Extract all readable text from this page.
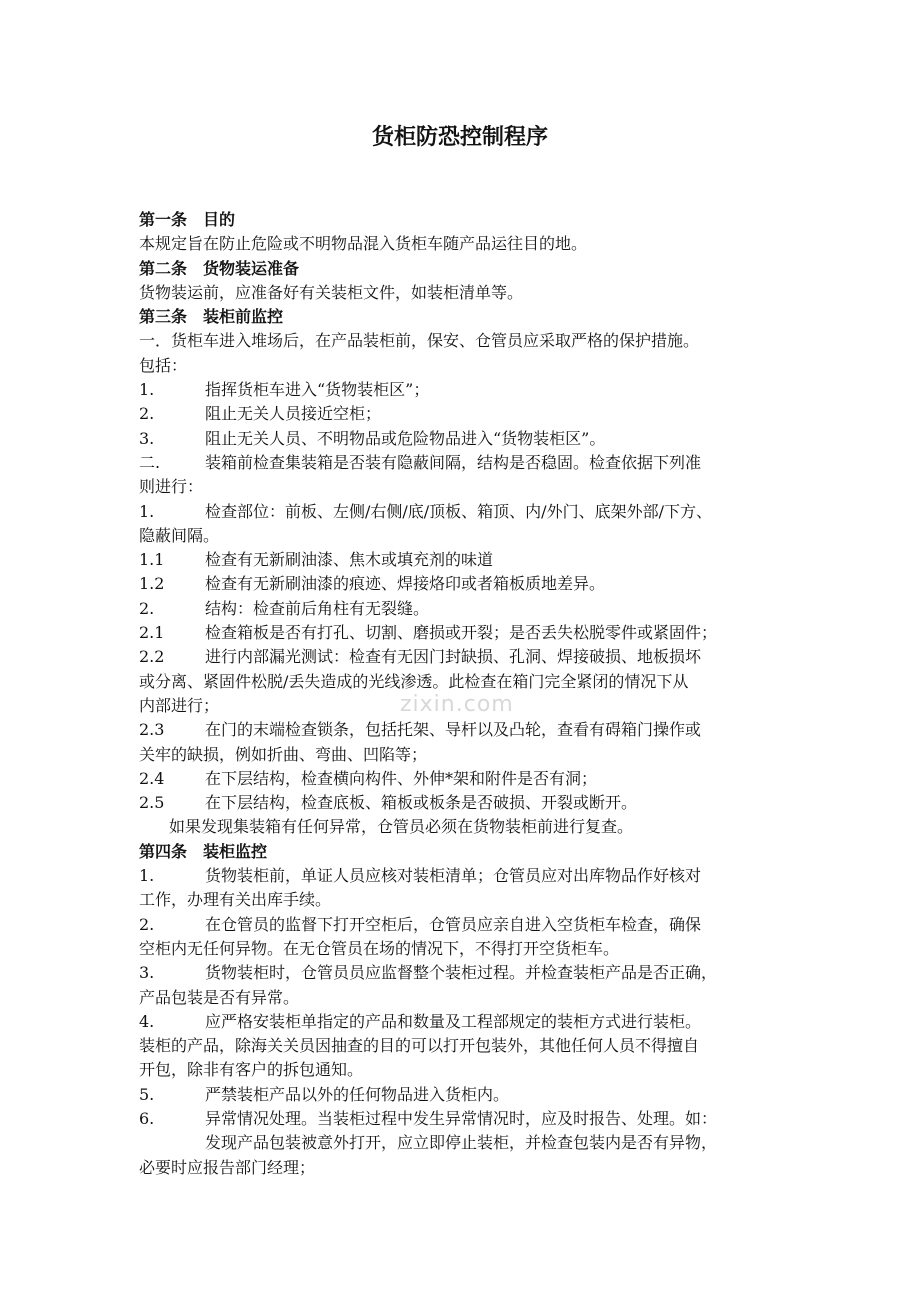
货柜防恐控制程序
zixin.com
第一条　目的
本规定旨在防止危险或不明物品混入货柜车随产品运往目的地。
第二条　货物装运准备
货物装运前，应准备好有关装柜文件，如装柜清单等。
第三条　装柜前监控
一．货柜车进入堆场后，在产品装柜前，保安、仓管员应采取严格的保护措施。
包括：
1.	指挥货柜车进入“货物装柜区”；
2.	阻止无关人员接近空柜；
3.	阻止无关人员、不明物品或危险物品进入“货物装柜区”。
二.	装箱前检查集装箱是否装有隐蔽间隔，结构是否稳固。检查依据下列准
则进行：
1.	检查部位：前板、左侧/右侧/底/顶板、箱顶、内/外门、底架外部/下方、
隐蔽间隔。
1.1	检查有无新刷油漆、焦木或填充剂的味道
1.2	检查有无新刷油漆的痕迹、焊接烙印或者箱板质地差异。
2.	结构：检查前后角柱有无裂缝。
2.1	检查箱板是否有打孔、切割、磨损或开裂；是否丢失松脱零件或紧固件；
2.2	进行内部漏光测试：检查有无因门封缺损、孔洞、焊接破损、地板损坏
或分离、紧固件松脱/丢失造成的光线渗透。此检查在箱门完全紧闭的情况下从
内部进行；
2.3	在门的末端检查锁条，包括托架、导杆以及凸轮，查看有碍箱门操作或
关牢的缺损，例如折曲、弯曲、凹陷等；
2.4	在下层结构，检查横向构件、外伸*架和附件是否有洞；
2.5	在下层结构，检查底板、箱板或板条是否破损、开裂或断开。
如果发现集装箱有任何异常，仓管员必须在货物装柜前进行复查。
第四条　装柜监控
1.	货物装柜前，单证人员应核对装柜清单；仓管员应对出库物品作好核对
工作，办理有关出库手续。
2.	在仓管员的监督下打开空柜后，仓管员应亲自进入空货柜车检查，确保
空柜内无任何异物。在无仓管员在场的情况下，不得打开空货柜车。
3.	货物装柜时，仓管员员应监督整个装柜过程。并检查装柜产品是否正确，
产品包装是否有异常。
4.	应严格安装柜单指定的产品和数量及工程部规定的装柜方式进行装柜。
装柜的产品，除海关关员因抽查的目的可以打开包装外，其他任何人员不得擅自
开包，除非有客户的拆包通知。
5.	严禁装柜产品以外的任何物品进入货柜内。
6.	异常情况处理。当装柜过程中发生异常情况时，应及时报告、处理。如：
发现产品包装被意外打开，应立即停止装柜，并检查包装内是否有异物，
必要时应报告部门经理；
